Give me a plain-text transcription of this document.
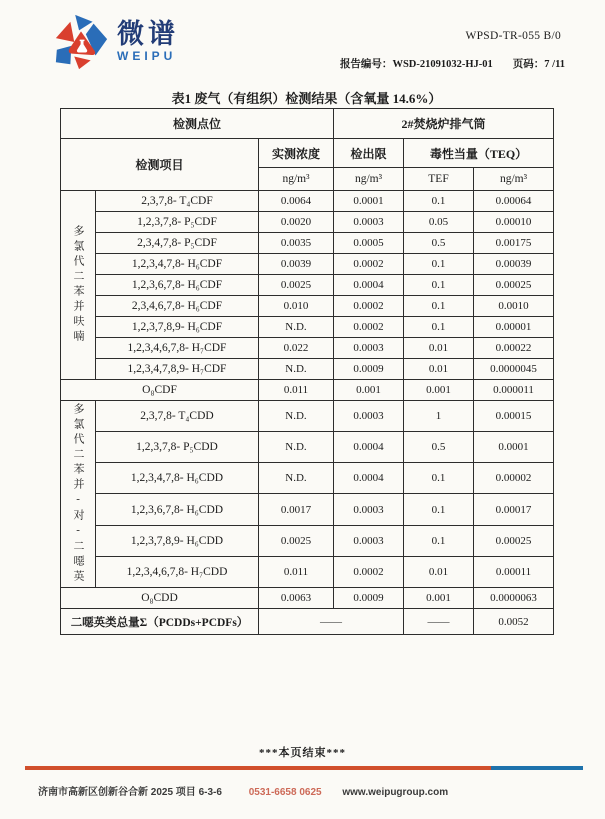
微谱
WEIPU
WPSD-TR-055 B/0
报告编号：WSD-21091032-HJ-01 页码：7 /11
表1 废气（有组织）检测结果（含氧量 14.6%）
检测点位			2#焚烧炉排气筒		
检测项目		实测浓度	检出限	毒性当量（TEQ）	
		ng/m³	ng/m³	TEF	ng/m³

多氯代二苯并呋喃	2,3,7,8- T₄CDF	0.0064	0.0001	0.1	0.00064
	1,2,3,7,8- P₅CDF	0.0020	0.0003	0.05	0.00010
	2,3,4,7,8- P₅CDF	0.0035	0.0005	0.5	0.00175
	1,2,3,4,7,8- H₆CDF	0.0039	0.0002	0.1	0.00039
	1,2,3,6,7,8- H₆CDF	0.0025	0.0004	0.1	0.00025
	2,3,4,6,7,8- H₆CDF	0.010	0.0002	0.1	0.0010
	1,2,3,7,8,9- H₆CDF	N.D.	0.0002	0.1	0.00001
	1,2,3,4,6,7,8- H₇CDF	0.022	0.0003	0.01	0.00022
	1,2,3,4,7,8,9- H₇CDF	N.D.	0.0009	0.01	0.0000045
O₈CDF		0.011	0.001	0.001	0.000011

多氯代二苯并-对-二噁英	2,3,7,8- T₄CDD	N.D.	0.0003	1	0.00015
	1,2,3,7,8- P₅CDD	N.D.	0.0004	0.5	0.0001
	1,2,3,4,7,8- H₆CDD	N.D.	0.0004	0.1	0.00002
	1,2,3,6,7,8- H₆CDD	0.0017	0.0003	0.1	0.00017
	1,2,3,7,8,9- H₆CDD	0.0025	0.0003	0.1	0.00025
	1,2,3,4,6,7,8- H₇CDD	0.011	0.0002	0.01	0.00011
O₈CDD		0.0063	0.0009	0.001	0.0000063
二噁英类总量Σ（PCDDs+PCDFs）		——		——	0.0052
***本页结束***
济南市高新区创新谷合新 2025 项目 6-3-6	0531-6658 0625 www.weipugroup.com
